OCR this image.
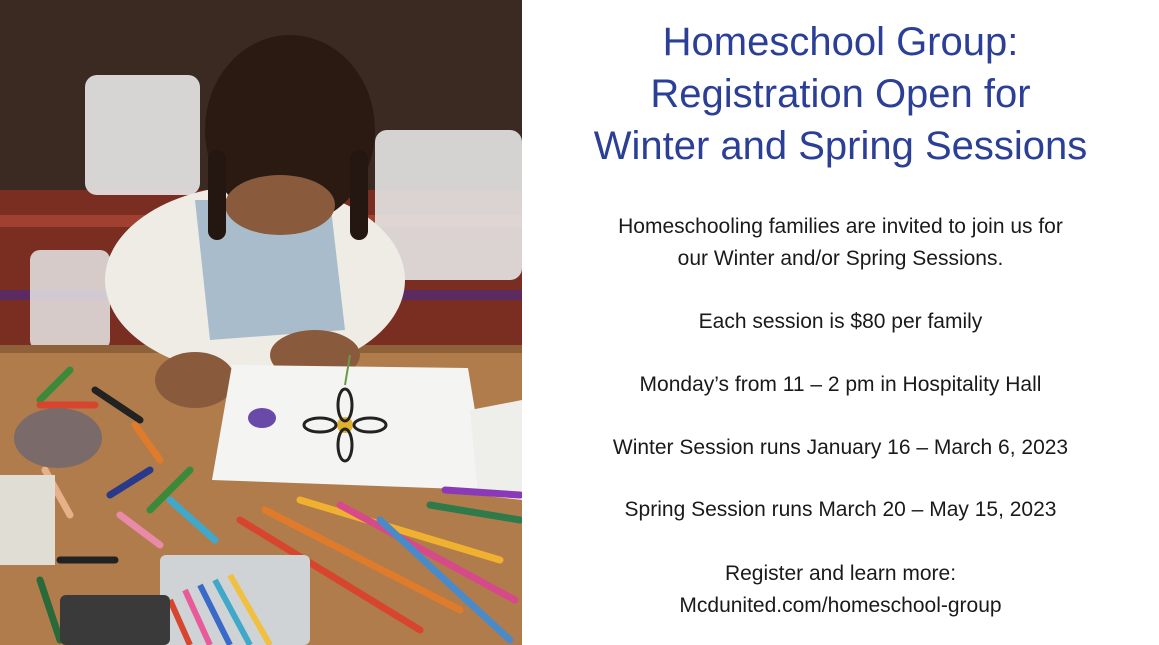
Homeschool Group:
Registration Open for
Winter and Spring Sessions

Homeschooling families are invited to join us for

our Winter and/or Spring Sessions.

Each session is $80 per family

Monday’s from 11 – 2 pm in Hospitality Hall

Winter Session runs January 16 – March 6, 2023

Spring Session runs March 20 – May 15, 2023

Register and learn more:

Mcdunited.com/homeschool-group
